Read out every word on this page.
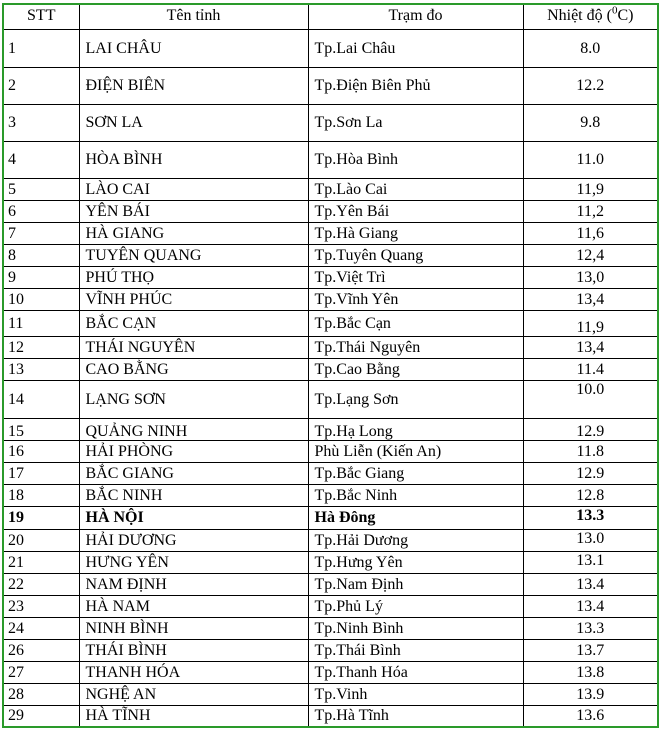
STT	Tên tỉnh	Trạm đo	Nhiệt độ ($^0$C)
1	LAI CHÂU	Tp.Lai Châu	8.0
2	ĐIỆN BIÊN	Tp.Điện Biên Phủ	12.2
3	SƠN LA	Tp.Sơn La	9.8
4	HÒA BÌNH	Tp.Hòa Bình	11.0
5	LÀO CAI	Tp.Lào Cai	11,9
6	YÊN BÁI	Tp.Yên Bái	11,2
7	HÀ GIANG	Tp.Hà Giang	11,6
8	TUYÊN QUANG	Tp.Tuyên Quang	12,4
9	PHÚ THỌ	Tp.Việt Trì	13,0
10	VĨNH PHÚC	Tp.Vĩnh Yên	13,4
11	BẮC CẠN	Tp.Bắc Cạn	11,9
12	THÁI NGUYÊN	Tp.Thái Nguyên	13,4
13	CAO BẰNG	Tp.Cao Bằng	11.4
14	LẠNG SƠN	Tp.Lạng Sơn	10.0
15	QUẢNG NINH	Tp.Hạ Long	12.9
16	HẢI PHÒNG	Phù Liễn (Kiến An)	11.8
17	BẮC GIANG	Tp.Bắc Giang	12.9
18	BẮC NINH	Tp.Bắc Ninh	12.8
19	HÀ NỘI	Hà Đông	13.3
20	HẢI DƯƠNG	Tp.Hải Dương	13.0
21	HƯNG YÊN	Tp.Hưng Yên	13.1
22	NAM ĐỊNH	Tp.Nam Định	13.4
23	HÀ NAM	Tp.Phủ Lý	13.4
24	NINH BÌNH	Tp.Ninh Bình	13.3
26	THÁI BÌNH	Tp.Thái Bình	13.7
27	THANH HÓA	Tp.Thanh Hóa	13.8
28	NGHỆ AN	Tp.Vinh	13.9
29	HÀ TĨNH	Tp.Hà Tĩnh	13.6
